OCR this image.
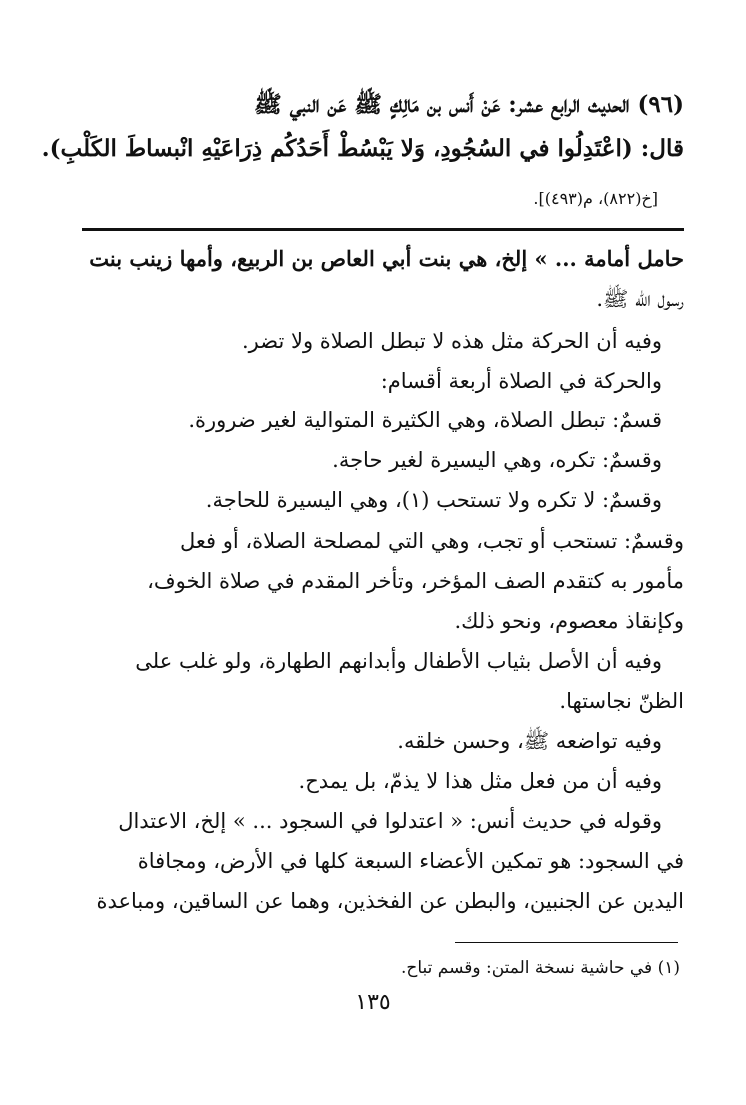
(٩٦) الحديث الرابع عشر: عَنْ أَنس بن مَالِكٍ ﷺ عَن النبي ﷺ
قال: (اعْتَدِلُوا في السُجُودِ، وَلا يَبْسُطْ أَحَدُكُم ذِرَاعَيْهِ انْبساطَ الكَلْبِ).
[خ(٨٢٢)، م(٤٩٣)].
حامل أمامة ... » إلخ، هي بنت أبي العاص بن الربيع، وأمها زينب بنت
رسول الله ﷺ.
وفيه أن الحركة مثل هذه لا تبطل الصلاة ولا تضر.
والحركة في الصلاة أربعة أقسام:
قسمٌ: تبطل الصلاة، وهي الكثيرة المتوالية لغير ضرورة.
وقسمٌ: تكره، وهي اليسيرة لغير حاجة.
وقسمٌ: لا تكره ولا تستحب (١)، وهي اليسيرة للحاجة.
وقسمٌ: تستحب أو تجب، وهي التي لمصلحة الصلاة، أو فعل
مأمور به كتقدم الصف المؤخر، وتأخر المقدم في صلاة الخوف،
وكإنقاذ معصوم، ونحو ذلك.
وفيه أن الأصل بثياب الأطفال وأبدانهم الطهارة، ولو غلب على
الظنّ نجاستها.
وفيه تواضعه ﷺ، وحسن خلقه.
وفيه أن من فعل مثل هذا لا يذمّ، بل يمدح.
وقوله في حديث أنس: « اعتدلوا في السجود ... » إلخ، الاعتدال
في السجود: هو تمكين الأعضاء السبعة كلها في الأرض، ومجافاة
اليدين عن الجنبين، والبطن عن الفخذين، وهما عن الساقين، ومباعدة
(١) في حاشية نسخة المتن: وقسم تباح.
١٣٥
